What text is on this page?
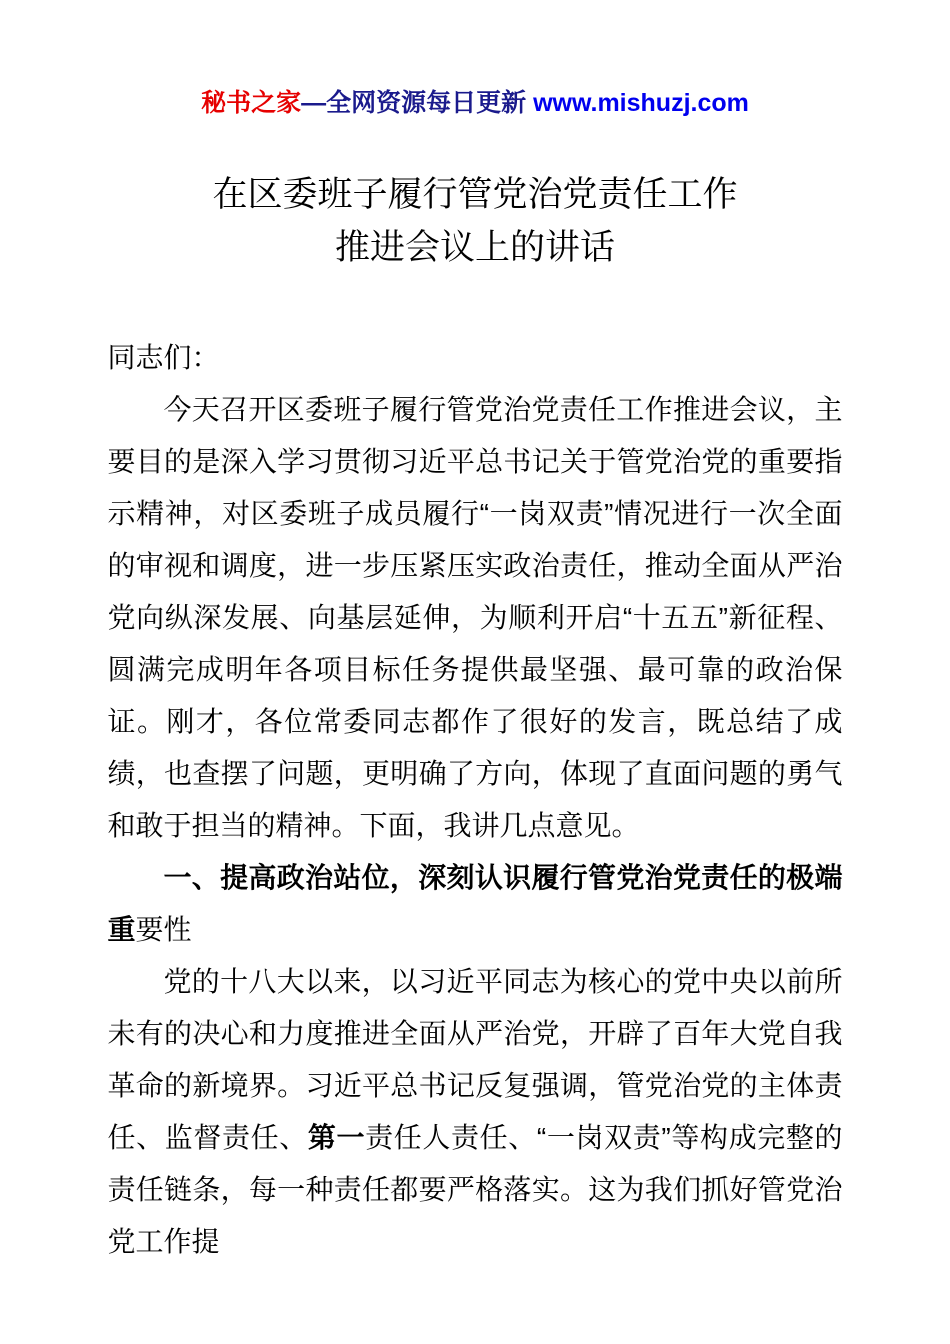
秘书之家—全网资源每日更新 www.mishuzj.com
在区委班子履行管党治党责任工作
推进会议上的讲话

同志们：

今天召开区委班子履行管党治党责任工作推进会议，主要目的是深入学习贯彻习近平总书记关于管党治党的重要指示精神，对区委班子成员履行“一岗双责”情况进行一次全面的审视和调度，进一步压紧压实政治责任，推动全面从严治党向纵深发展、向基层延伸，为顺利开启“十五五”新征程、圆满完成明年各项目标任务提供最坚强、最可靠的政治保证。刚才，各位常委同志都作了很好的发言，既总结了成绩，也查摆了问题，更明确了方向，体现了直面问题的勇气和敢于担当的精神。下面，我讲几点意见。

一、提高政治站位，深刻认识履行管党治党责任的极端重要性

党的十八大以来，以习近平同志为核心的党中央以前所未有的决心和力度推进全面从严治党，开辟了百年大党自我革命的新境界。习近平总书记反复强调，管党治党的主体责任、监督责任、第一责任人责任、“一岗双责”等构成完整的责任链条，每一种责任都要严格落实。这为我们抓好管党治党工作提
